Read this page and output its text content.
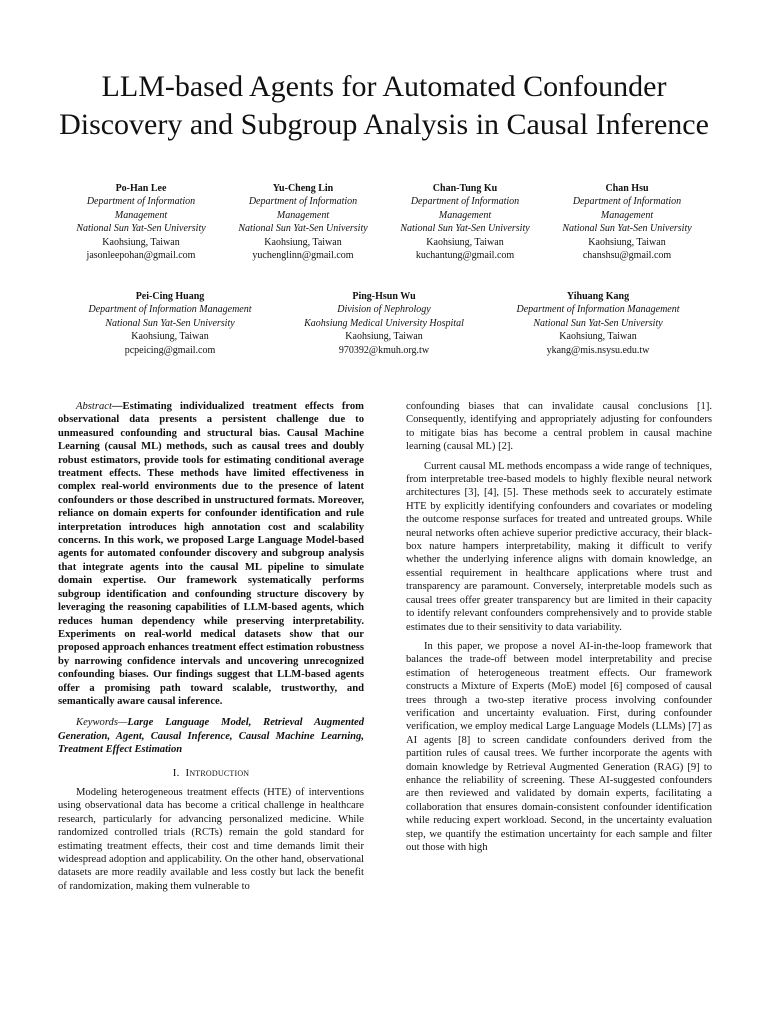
LLM-based Agents for Automated Confounder Discovery and Subgroup Analysis in Causal Inference
Po-Han Lee
Department of Information Management
National Sun Yat-Sen University
Kaohsiung, Taiwan
jasonleepohan@gmail.com
Yu-Cheng Lin
Department of Information Management
National Sun Yat-Sen University
Kaohsiung, Taiwan
yuchenglinn@gmail.com
Chan-Tung Ku
Department of Information Management
National Sun Yat-Sen University
Kaohsiung, Taiwan
kuchantung@gmail.com
Chan Hsu
Department of Information Management
National Sun Yat-Sen University
Kaohsiung, Taiwan
chanshsu@gmail.com
Pei-Cing Huang
Department of Information Management
National Sun Yat-Sen University
Kaohsiung, Taiwan
pcpeicing@gmail.com
Ping-Hsun Wu
Division of Nephrology
Kaohsiung Medical University Hospital
Kaohsiung, Taiwan
970392@kmuh.org.tw
Yihuang Kang
Department of Information Management
National Sun Yat-Sen University
Kaohsiung, Taiwan
ykang@mis.nsysu.edu.tw

Abstract—Estimating individualized treatment effects from observational data presents a persistent challenge due to unmeasured confounding and structural bias. Causal Machine Learning (causal ML) methods, such as causal trees and doubly robust estimators, provide tools for estimating conditional average treatment effects. These methods have limited effectiveness in complex real-world environments due to the presence of latent confounders or those described in unstructured formats. Moreover, reliance on domain experts for confounder identification and rule interpretation introduces high annotation cost and scalability concerns. In this work, we proposed Large Language Model-based agents for automated confounder discovery and subgroup analysis that integrate agents into the causal ML pipeline to simulate domain expertise. Our framework systematically performs subgroup identification and confounding structure discovery by leveraging the reasoning capabilities of LLM-based agents, which reduces human dependency while preserving interpretability. Experiments on real-world medical datasets show that our proposed approach enhances treatment effect estimation robustness by narrowing confidence intervals and uncovering unrecognized confounding biases. Our findings suggest that LLM-based agents offer a promising path toward scalable, trustworthy, and semantically aware causal inference.

Keywords—Large Language Model, Retrieval Augmented Generation, Agent, Causal Inference, Causal Machine Learning, Treatment Effect Estimation

I. Introduction

Modeling heterogeneous treatment effects (HTE) of interventions using observational data has become a critical challenge in healthcare research, particularly for advancing personalized medicine. While randomized controlled trials (RCTs) remain the gold standard for estimating treatment effects, their cost and time demands limit their widespread adoption and applicability. On the other hand, observational datasets are more readily available and less costly but lack the benefit of randomization, making them vulnerable to

confounding biases that can invalidate causal conclusions [1]. Consequently, identifying and appropriately adjusting for confounders to mitigate bias has become a central problem in causal machine learning (causal ML) [2].

Current causal ML methods encompass a wide range of techniques, from interpretable tree-based models to highly flexible neural network architectures [3], [4], [5]. These methods seek to accurately estimate HTE by explicitly identifying confounders and covariates or modeling the outcome response surfaces for treated and untreated groups. While neural networks often achieve superior predictive accuracy, their black-box nature hampers interpretability, making it difficult to verify whether the underlying inference aligns with domain knowledge, an essential requirement in healthcare applications where trust and transparency are paramount. Conversely, interpretable models such as causal trees offer greater transparency but are limited in their capacity to identify relevant confounders comprehensively and to provide stable estimates due to their sensitivity to data variability.

In this paper, we propose a novel AI-in-the-loop framework that balances the trade-off between model interpretability and precise estimation of heterogeneous treatment effects. Our framework constructs a Mixture of Experts (MoE) model [6] composed of causal trees through a two-step iterative process involving confounder verification and uncertainty evaluation. First, during confounder verification, we employ medical Large Language Models (LLMs) [7] as AI agents [8] to screen candidate confounders derived from the partition rules of causal trees. We further incorporate the agents with domain knowledge by Retrieval Augmented Generation (RAG) [9] to enhance the reliability of screening. These AI-suggested confounders are then reviewed and validated by domain experts, facilitating a collaboration that ensures domain-consistent confounder identification while reducing expert workload. Second, in the uncertainty evaluation step, we quantify the estimation uncertainty for each sample and filter out those with high
